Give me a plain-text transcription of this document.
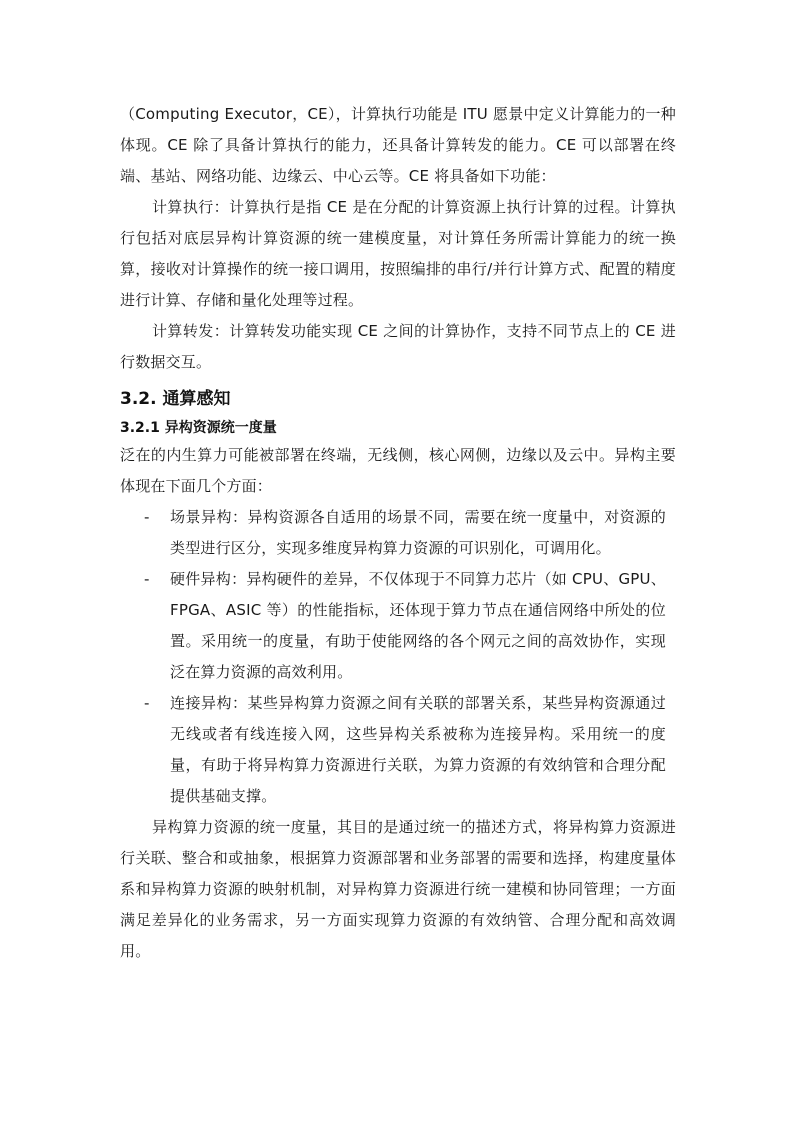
（Computing Executor，CE），计算执行功能是 ITU 愿景中定义计算能力的一种体现。CE 除了具备计算执行的能力，还具备计算转发的能力。CE 可以部署在终端、基站、网络功能、边缘云、中心云等。CE 将具备如下功能：

计算执行：计算执行是指 CE 是在分配的计算资源上执行计算的过程。计算执行包括对底层异构计算资源的统一建模度量，对计算任务所需计算能力的统一换算，接收对计算操作的统一接口调用，按照编排的串行/并行计算方式、配置的精度进行计算、存储和量化处理等过程。

计算转发：计算转发功能实现 CE 之间的计算协作，支持不同节点上的 CE 进行数据交互。

3.2. 通算感知
3.2.1 异构资源统一度量

泛在的内生算力可能被部署在终端，无线侧，核心网侧，边缘以及云中。异构主要体现在下面几个方面：

- 场景异构：异构资源各自适用的场景不同，需要在统一度量中，对资源的类型进行区分，实现多维度异构算力资源的可识别化，可调用化。
- 硬件异构：异构硬件的差异，不仅体现于不同算力芯片（如 CPU、GPU、FPGA、ASIC 等）的性能指标，还体现于算力节点在通信网络中所处的位置。采用统一的度量，有助于使能网络的各个网元之间的高效协作，实现泛在算力资源的高效利用。
- 连接异构：某些异构算力资源之间有关联的部署关系，某些异构资源通过无线或者有线连接入网，这些异构关系被称为连接异构。采用统一的度量，有助于将异构算力资源进行关联，为算力资源的有效纳管和合理分配提供基础支撑。

异构算力资源的统一度量，其目的是通过统一的描述方式，将异构算力资源进行关联、整合和或抽象，根据算力资源部署和业务部署的需要和选择，构建度量体系和异构算力资源的映射机制，对异构算力资源进行统一建模和协同管理；一方面满足差异化的业务需求，另一方面实现算力资源的有效纳管、合理分配和高效调用。
